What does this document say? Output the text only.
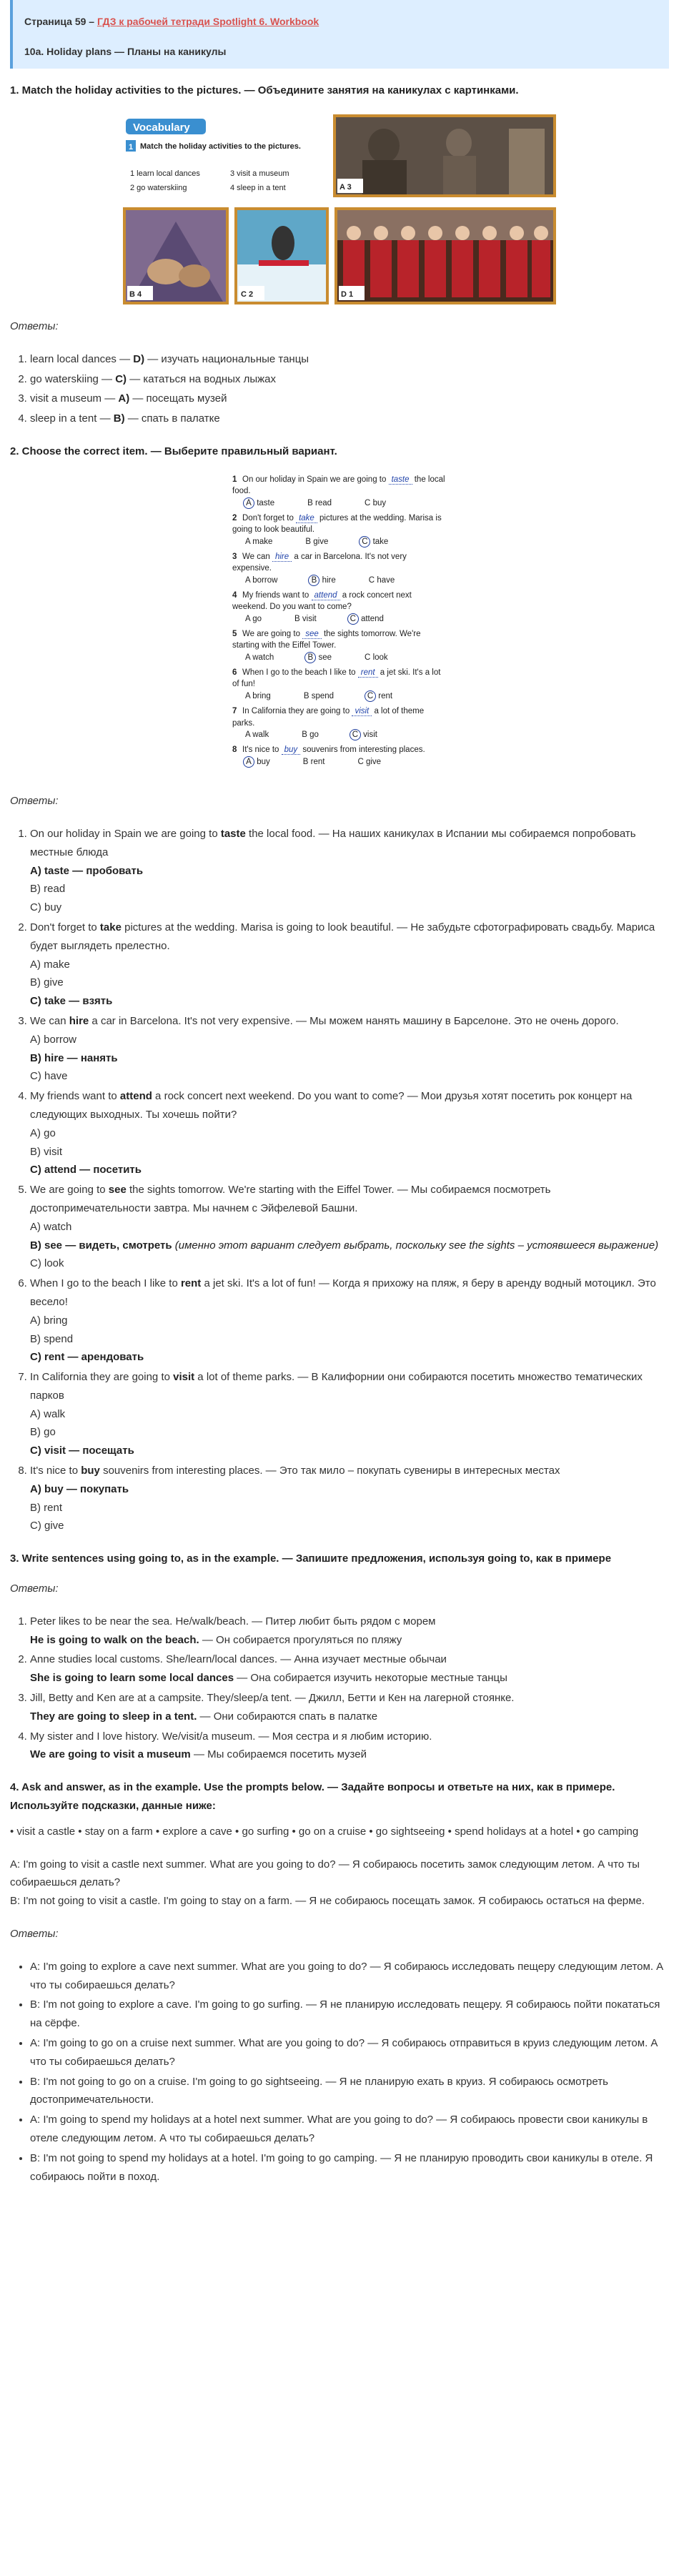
Страница 59 – ГДЗ к рабочей тетради Spotlight 6. Workbook
10a. Holiday plans — Планы на каникулы
1. Match the holiday activities to the pictures. — Объедините занятия на каникулах с картинками.
Vocabulary
1 Match the holiday activities to the pictures.
1 learn local dances
2 go waterskiing
3 visit a museum
4 sleep in a tent	A 3
B 4	C 2	D 1
Ответы:
1. learn local dances — D) — изучать национальные танцы
2. go waterskiing — C) — кататься на водных лыжах
3. visit a museum — A) — посещать музей
4. sleep in a tent — B) — спать в палатке
2. Choose the correct item. — Выберите правильный вариант.
1 On our holiday in Spain we are going to taste the local food.
A taste	B read	C buy
2 Don't forget to take pictures at the wedding. Marisa is going to look beautiful.
A make	B give	C take
3 We can hire a car in Barcelona. It's not very expensive.
A borrow	B hire	C have
4 My friends want to attend a rock concert next weekend. Do you want to come?
A go	B visit	C attend
5 We are going to see the sights tomorrow. We're starting with the Eiffel Tower.
A watch	B see	C look
6 When I go to the beach I like to rent a jet ski. It's a lot of fun!
A bring	B spend	C rent
7 In California they are going to visit a lot of theme parks.
A walk	B go	C visit
8 It's nice to buy souvenirs from interesting places.
A buy	B rent	C give
Ответы:
1. On our holiday in Spain we are going to taste the local food. — На наших каникулах в Испании мы собираемся попробовать местные блюда
A) taste — пробовать
B) read
C) buy
2. Don't forget to take pictures at the wedding. Marisa is going to look beautiful. — Не забудьте сфотографировать свадьбу. Мариса будет выглядеть прелестно.
A) make
B) give
C) take — взять
3. We can hire a car in Barcelona. It's not very expensive. — Мы можем нанять машину в Барселоне. Это не очень дорого.
A) borrow
B) hire — нанять
C) have
4. My friends want to attend a rock concert next weekend. Do you want to come? — Мои друзья хотят посетить рок концерт на следующих выходных. Ты хочешь пойти?
A) go
B) visit
C) attend — посетить
5. We are going to see the sights tomorrow. We're starting with the Eiffel Tower. — Мы собираемся посмотреть достопримечательности завтра. Мы начнем с Эйфелевой Башни.
A) watch
B) see — видеть, смотреть (именно этот вариант следует выбрать, поскольку see the sights – устоявшееся выражение)
C) look
6. When I go to the beach I like to rent a jet ski. It's a lot of fun! — Когда я прихожу на пляж, я беру в аренду водный мотоцикл. Это весело!
A) bring
B) spend
C) rent — арендовать
7. In California they are going to visit a lot of theme parks. — В Калифорнии они собираются посетить множество тематических парков
A) walk
B) go
C) visit — посещать
8. It's nice to buy souvenirs from interesting places. — Это так мило – покупать сувениры в интересных местах
A) buy — покупать
B) rent
C) give
3. Write sentences using going to, as in the example. — Запишите предложения, используя going to, как в примере
Ответы:
1. Peter likes to be near the sea. He/walk/beach. — Питер любит быть рядом с морем
He is going to walk on the beach. — Он собирается прогуляться по пляжу
2. Anne studies local customs. She/learn/local dances. — Анна изучает местные обычаи
She is going to learn some local dances — Она собирается изучить некоторые местные танцы
3. Jill, Betty and Ken are at a campsite. They/sleep/a tent. — Джилл, Бетти и Кен на лагерной стоянке.
They are going to sleep in a tent. — Они собираются спать в палатке
4. My sister and I love history. We/visit/a museum. — Моя сестра и я любим историю.
We are going to visit a museum — Мы собираемся посетить музей
4. Ask and answer, as in the example. Use the prompts below. — Задайте вопросы и ответьте на них, как в примере. Используйте подсказки, данные ниже:

• visit a castle • stay on a farm • explore a cave • go surfing • go on a cruise • go sightseeing • spend holidays at a hotel • go camping

A: I'm going to visit a castle next summer. What are you going to do? — Я собираюсь посетить замок следующим летом. А что ты собираешься делать?
B: I'm not going to visit a castle. I'm going to stay on a farm. — Я не собираюсь посещать замок. Я собираюсь остаться на ферме.
Ответы:
• A: I'm going to explore a cave next summer. What are you going to do? — Я собираюсь исследовать пещеру следующим летом. А что ты собираешься делать?
• B: I'm not going to explore a cave. I'm going to go surfing. — Я не планирую исследовать пещеру. Я собираюсь пойти покататься на сёрфе.
• A: I'm going to go on a cruise next summer. What are you going to do? — Я собираюсь отправиться в круиз следующим летом. А что ты собираешься делать?
• B: I'm not going to go on a cruise. I'm going to go sightseeing. — Я не планирую ехать в круиз. Я собираюсь осмотреть достопримечательности.
• A: I'm going to spend my holidays at a hotel next summer. What are you going to do? — Я собираюсь провести свои каникулы в отеле следующим летом. А что ты собираешься делать?
• B: I'm not going to spend my holidays at a hotel. I'm going to go camping. — Я не планирую проводить свои каникулы в отеле. Я собираюсь пойти в поход.
